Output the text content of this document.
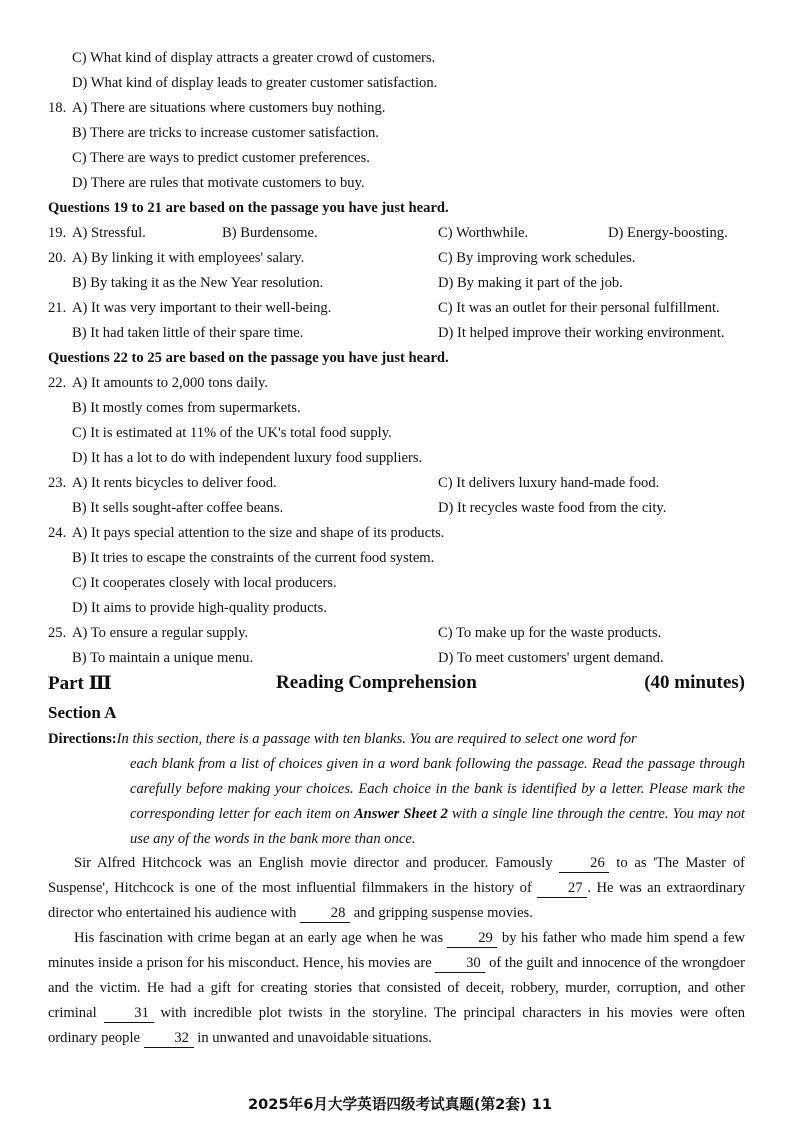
C) What kind of display attracts a greater crowd of customers.
D) What kind of display leads to greater customer satisfaction.
18. A) There are situations where customers buy nothing.
B) There are tricks to increase customer satisfaction.
C) There are ways to predict customer preferences.
D) There are rules that motivate customers to buy.
Questions 19 to 21 are based on the passage you have just heard.
19. A) Stressful.	B) Burdensome.	C) Worthwhile.	D) Energy-boosting.
20. A) By linking it with employees' salary.	C) By improving work schedules.
B) By taking it as the New Year resolution.	D) By making it part of the job.
21. A) It was very important to their well-being.	C) It was an outlet for their personal fulfillment.
B) It had taken little of their spare time.	D) It helped improve their working environment.
Questions 22 to 25 are based on the passage you have just heard.
22. A) It amounts to 2,000 tons daily.
B) It mostly comes from supermarkets.
C) It is estimated at 11% of the UK's total food supply.
D) It has a lot to do with independent luxury food suppliers.
23. A) It rents bicycles to deliver food.	C) It delivers luxury hand-made food.
B) It sells sought-after coffee beans.	D) It recycles waste food from the city.
24. A) It pays special attention to the size and shape of its products.
B) It tries to escape the constraints of the current food system.
C) It cooperates closely with local producers.
D) It aims to provide high-quality products.
25. A) To ensure a regular supply.	C) To make up for the waste products.
B) To maintain a unique menu.	D) To meet customers' urgent demand.
Part Ⅲ	Reading Comprehension	(40 minutes)
Section A
Directions:In this section, there is a passage with ten blanks. You are required to select one word for
each blank from a list of choices given in a word bank following the passage. Read the passage through carefully before making your choices. Each choice in the bank is identified by a letter. Please mark the corresponding letter for each item on Answer Sheet 2 with a single line through the centre. You may not use any of the words in the bank more than once.
Sir Alfred Hitchcock was an English movie director and producer. Famously 26 to as 'The Master of Suspense', Hitchcock is one of the most influential filmmakers in the history of 27 . He was an extraordinary director who entertained his audience with 28 and gripping suspense movies.
His fascination with crime began at an early age when he was 29 by his father who made him spend a few minutes inside a prison for his misconduct. Hence, his movies are 30 of the guilt and innocence of the wrongdoer and the victim. He had a gift for creating stories that consisted of deceit, robbery, murder, corruption, and other criminal 31 with incredible plot twists in the storyline. The principal characters in his movies were often ordinary people 32 in unwanted and unavoidable situations.
2025年6月大学英语四级考试真题(第2套) 11
